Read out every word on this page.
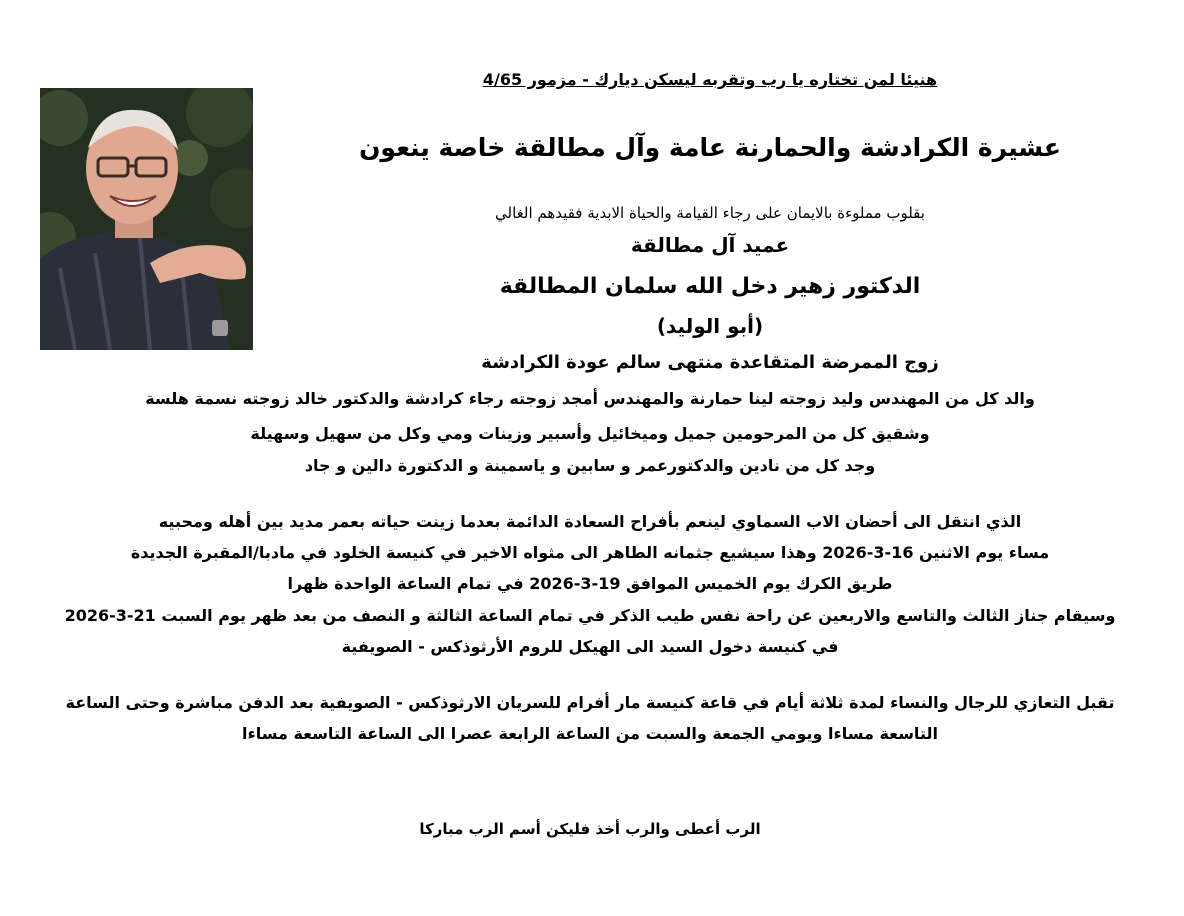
هنيئا لمن تختاره يا رب وتقربه ليسكن ديارك - مزمور 4/65
عشيرة الكرادشة والحمارنة عامة وآل مطالقة خاصة ينعون
بقلوب مملوءة بالايمان على رجاء القيامة والحياة الابدية فقيدهم الغالي
عميد آل مطالقة
الدكتور زهير دخل الله سلمان المطالقة
(أبو الوليد)
زوج الممرضة المتقاعدة منتهى سالم عودة الكرادشة
والد كل من المهندس وليد زوجته لينا حمارنة والمهندس أمجد زوجته رجاء كرادشة والدكتور خالد زوجته نسمة هلسة
وشقيق كل من المرحومين جميل وميخائيل وأسبير وزينات ومي وكل من سهيل وسهيلة
وجد كل من نادين والدكتورعمر و سابين و ياسمينة و الدكتورة دالين و جاد
الذي انتقل الى أحضان الاب السماوي لينعم بأفراح السعادة الدائمة بعدما زينت حياته بعمر مديد بين أهله ومحبيه
مساء يوم الاثنين 16-3-2026 وهذا سيشيع جثمانه الطاهر الى مثواه الاخير في كنيسة الخلود في مادبا/المقبرة الجديدة
طريق الكرك يوم الخميس الموافق 19-3-2026 في تمام الساعة الواحدة ظهرا
وسيقام جناز الثالث والتاسع والاربعين عن راحة نفس طيب الذكر في تمام الساعة الثالثة و النصف من بعد ظهر يوم السبت 21-3-2026
في كنيسة دخول السيد الى الهيكل للروم الأرثوذكس - الصويفية
تقبل التعازي للرجال والنساء لمدة ثلاثة أيام في قاعة كنيسة مار أفرام للسريان الارثوذكس - الصويفية بعد الدفن مباشرة وحتى الساعة
التاسعة مساءا ويومي الجمعة والسبت من الساعة الرابعة عصرا الى الساعة التاسعة مساءا
الرب أعطى والرب أخذ فليكن أسم الرب مباركا
